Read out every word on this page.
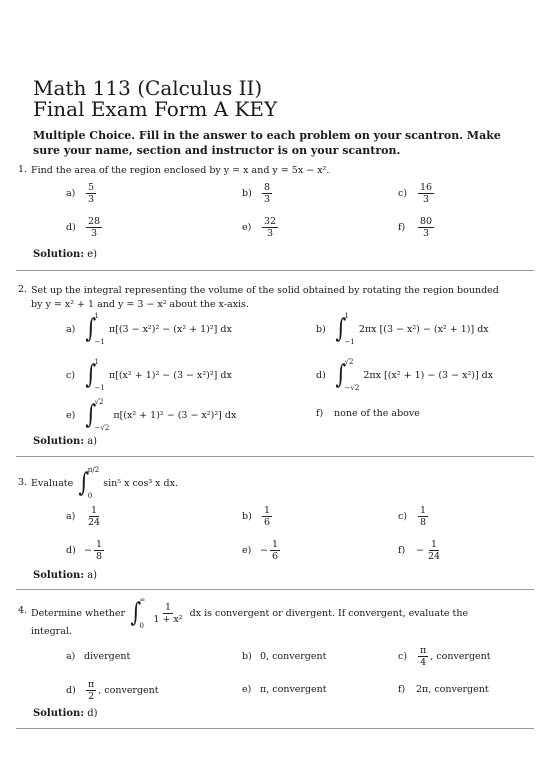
Math 113 (Calculus II)
Final Exam Form A KEY
Multiple Choice. Fill in the answer to each problem on your scantron. Make sure your name, section and instructor is on your scantron.
1. Find the area of the region enclosed by y = x and y = 5x − x².
a)	$\frac{5}{3}$	b)	$\frac{8}{3}$	c)	$\frac{16}{3}$
d)	$\frac{28}{3}$	e)	$\frac{32}{3}$	f)	$\frac{80}{3}$
Solution: e)
2. Set up the integral representing the volume of the solid obtained by rotating the region bounded by y = x² + 1 and y = 3 − x² about the x-axis.
a) ∫
1
−1
π[(3 − x²)² − (x² + 1)²] dx	b) ∫
1
−1
2πx [(3 − x²) − (x² + 1)] dx
c) ∫
1
−1
π[(x² + 1)² − (3 − x²)²] dx	d) ∫
√2
−√2
2πx [(x² + 1) − (3 − x²)] dx
e) ∫
√2
−√2
π[(x² + 1)² − (3 − x²)²] dx	f)	none of the above
Solution: a)
3. Evaluate ∫
π/2
0
sin⁵ x cos³ x dx.
a)	$\frac{1}{24}$	b)	$\frac{1}{6}$	c)	$\frac{1}{8}$
$d) - \frac{1}{8}$	$e) - \frac{1}{6}$	f)	− $\frac{1}{24}$
Solution: a)
4. Determine whether ∫
∞
0
$\frac{1}{\text{1 + x²}}$ dx is convergent or divergent. If convergent, evaluate the
integral.
a) divergent	b) 0, convergent	c)	$\frac{\pi}{4}$ , convergent
d)	$\frac{\pi}{2}$ , convergent	e) π, convergent	f)	2π, convergent
Solution: d)
